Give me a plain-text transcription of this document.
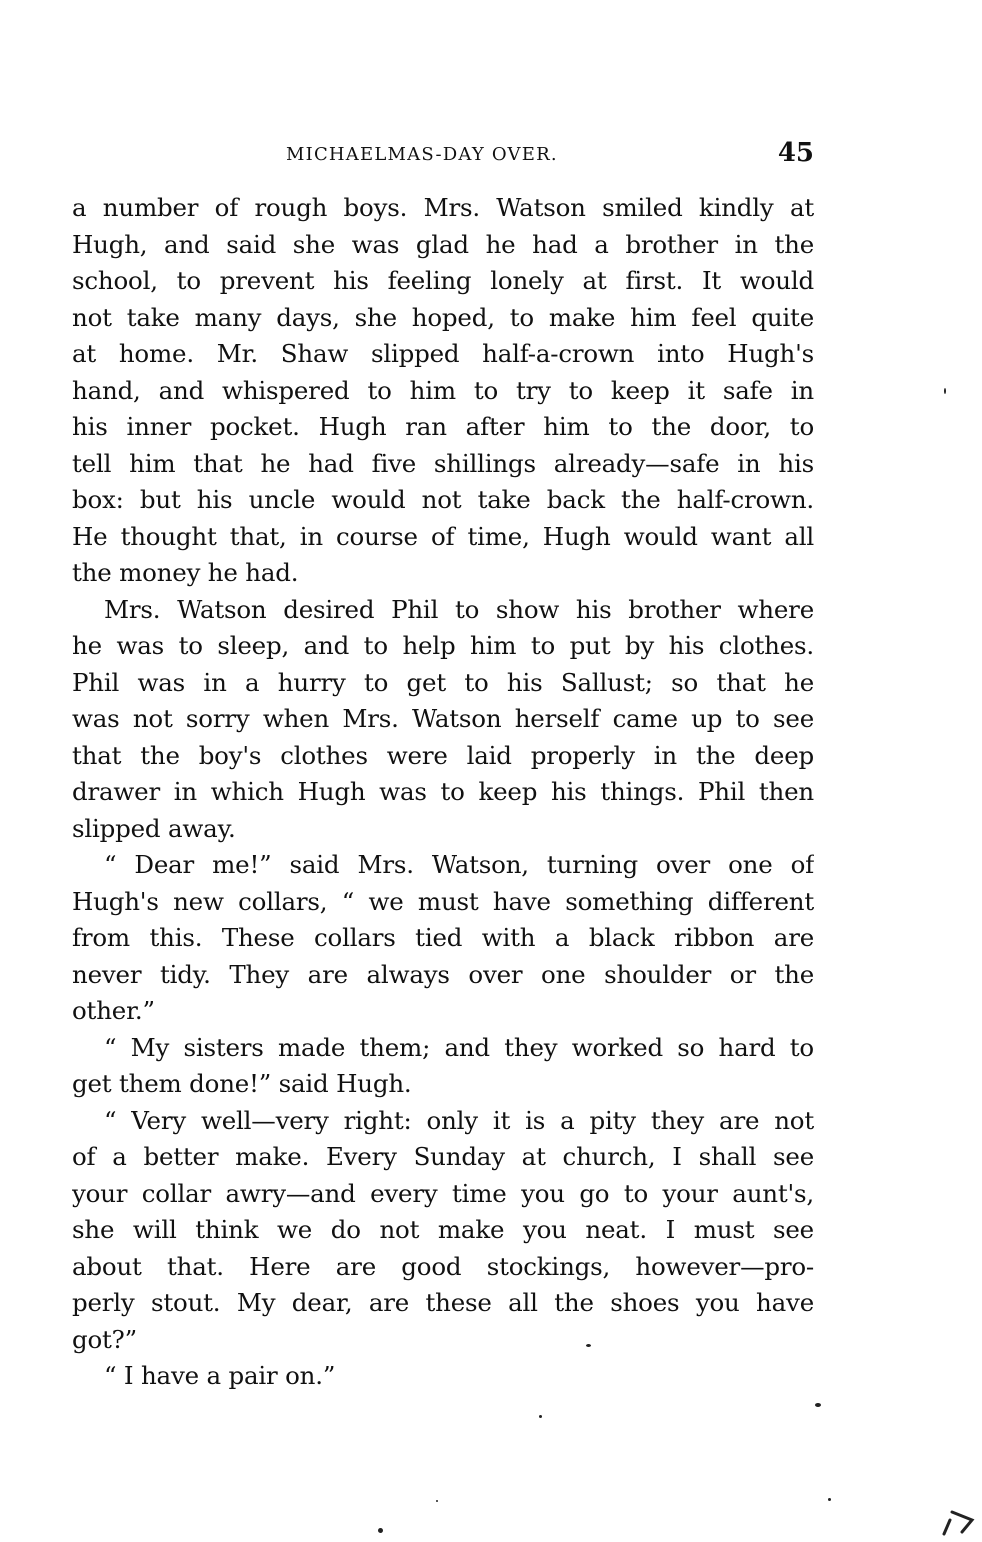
MICHAELMAS-DAY OVER.	45
a number of rough boys. Mrs. Watson smiled kindly at
Hugh, and said she was glad he had a brother in the
school, to prevent his feeling lonely at first. It would
not take many days, she hoped, to make him feel quite
at home. Mr. Shaw slipped half-a-crown into Hugh's
hand, and whispered to him to try to keep it safe in
his inner pocket. Hugh ran after him to the door, to
tell him that he had five shillings already—safe in his
box: but his uncle would not take back the half-crown.
He thought that, in course of time, Hugh would want all
the money he had.
Mrs. Watson desired Phil to show his brother where
he was to sleep, and to help him to put by his clothes.
Phil was in a hurry to get to his Sallust; so that he
was not sorry when Mrs. Watson herself came up to see
that the boy's clothes were laid properly in the deep
drawer in which Hugh was to keep his things. Phil then
slipped away.
“ Dear me!” said Mrs. Watson, turning over one of
Hugh's new collars, “ we must have something different
from this. These collars tied with a black ribbon are
never tidy. They are always over one shoulder or the
other.”
“ My sisters made them; and they worked so hard to
get them done!” said Hugh.
“ Very well—very right: only it is a pity they are not
of a better make. Every Sunday at church, I shall see
your collar awry—and every time you go to your aunt's,
she will think we do not make you neat. I must see
about that. Here are good stockings, however—pro-
perly stout. My dear, are these all the shoes you have
got?”
“ I have a pair on.”
